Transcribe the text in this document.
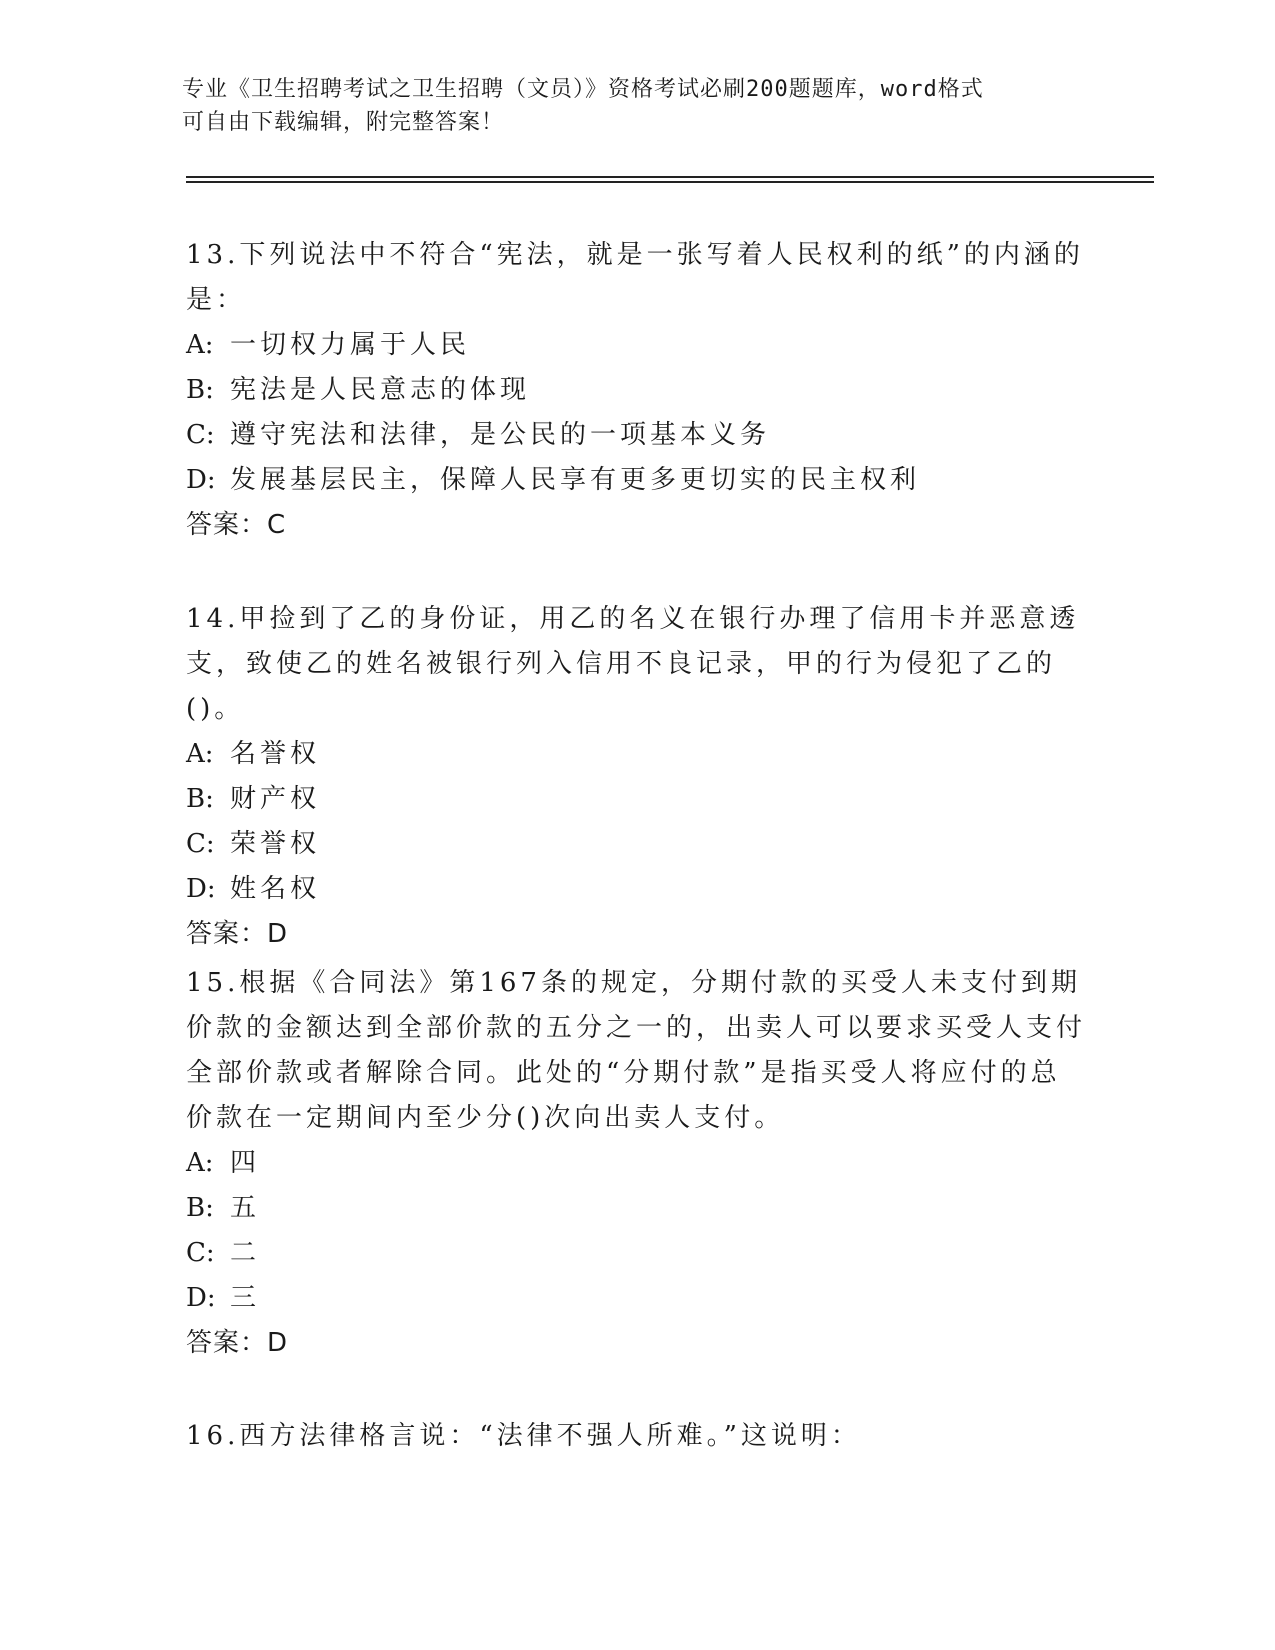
专业《卫生招聘考试之卫生招聘（文员）》资格考试必刷200题题库，word格式
可自由下载编辑，附完整答案！

13.下列说法中不符合“宪法，就是一张写着人民权利的纸”的内涵的是：

A: 一切权力属于人民

B: 宪法是人民意志的体现

C: 遵守宪法和法律，是公民的一项基本义务

D: 发展基层民主，保障人民享有更多更切实的民主权利

答案：C

14.甲捡到了乙的身份证，用乙的名义在银行办理了信用卡并恶意透支，致使乙的姓名被银行列入信用不良记录，甲的行为侵犯了乙的()。

A: 名誉权

B: 财产权

C: 荣誉权

D: 姓名权

答案：D

15.根据《合同法》第167条的规定，分期付款的买受人未支付到期价款的金额达到全部价款的五分之一的，出卖人可以要求买受人支付全部价款或者解除合同。此处的“分期付款”是指买受人将应付的总价款在一定期间内至少分()次向出卖人支付。

A: 四

B: 五

C: 二

D: 三

答案：D

16.西方法律格言说：“法律不强人所难。”这说明：
